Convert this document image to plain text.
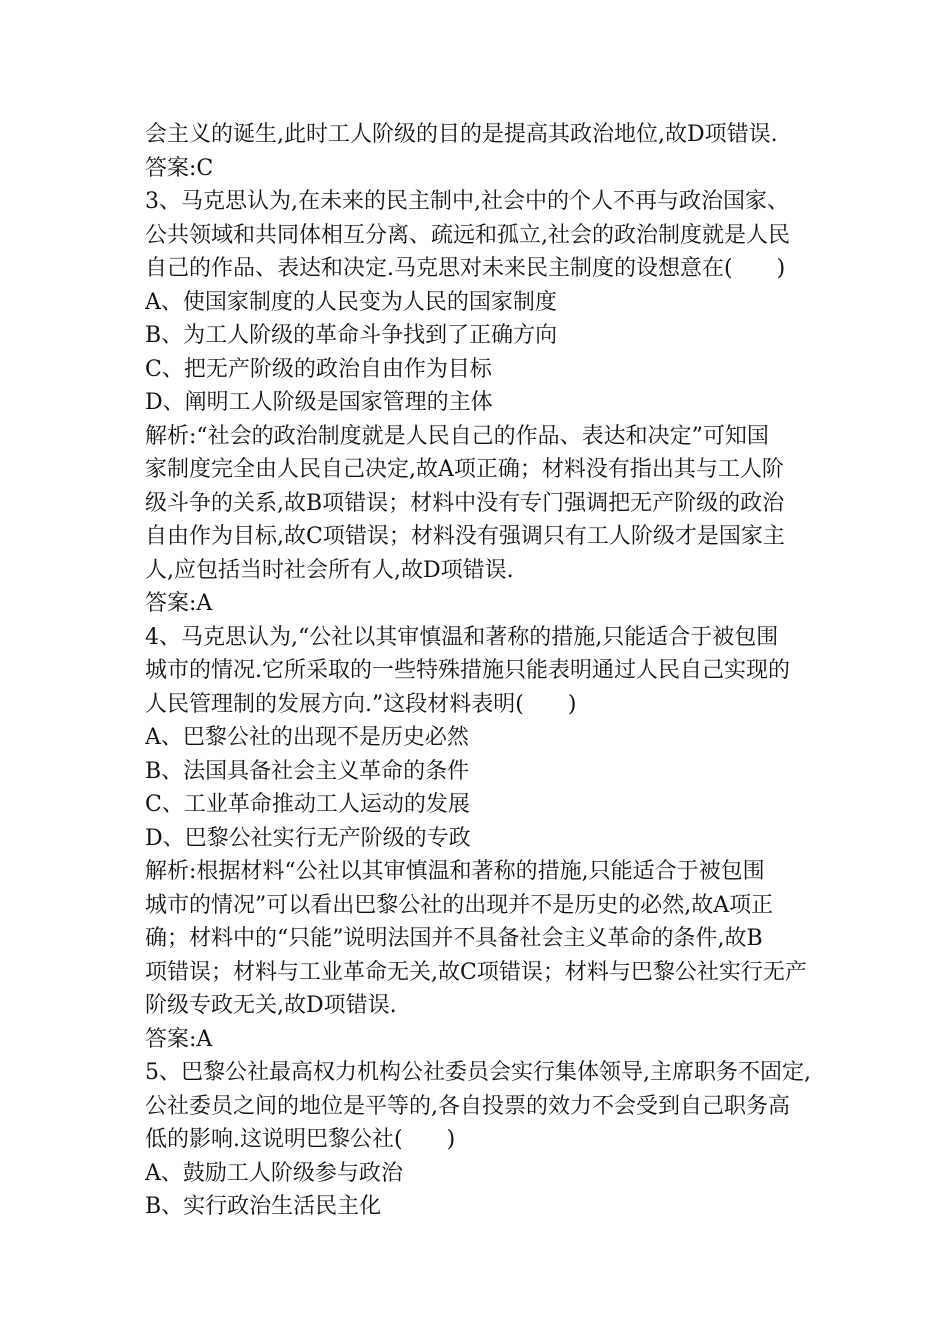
会主义的诞生,此时工人阶级的目的是提高其政治地位,故D项错误.
答案:C
3、马克思认为,在未来的民主制中,社会中的个人不再与政治国家、
公共领域和共同体相互分离、疏远和孤立,社会的政治制度就是人民
自己的作品、表达和决定.马克思对未来民主制度的设想意在(　　)
A、使国家制度的人民变为人民的国家制度
B、为工人阶级的革命斗争找到了正确方向
C、把无产阶级的政治自由作为目标
D、阐明工人阶级是国家管理的主体
解析:“社会的政治制度就是人民自己的作品、表达和决定”可知国
家制度完全由人民自己决定,故A项正确；材料没有指出其与工人阶
级斗争的关系,故B项错误；材料中没有专门强调把无产阶级的政治
自由作为目标,故C项错误；材料没有强调只有工人阶级才是国家主
人,应包括当时社会所有人,故D项错误.
答案:A
4、马克思认为,“公社以其审慎温和著称的措施,只能适合于被包围
城市的情况.它所采取的一些特殊措施只能表明通过人民自己实现的
人民管理制的发展方向.”这段材料表明(　　)
A、巴黎公社的出现不是历史必然
B、法国具备社会主义革命的条件
C、工业革命推动工人运动的发展
D、巴黎公社实行无产阶级的专政
解析:根据材料“公社以其审慎温和著称的措施,只能适合于被包围
城市的情况”可以看出巴黎公社的出现并不是历史的必然,故A项正
确；材料中的“只能”说明法国并不具备社会主义革命的条件,故B
项错误；材料与工业革命无关,故C项错误；材料与巴黎公社实行无产
阶级专政无关,故D项错误.
答案:A
5、巴黎公社最高权力机构公社委员会实行集体领导,主席职务不固定,
公社委员之间的地位是平等的,各自投票的效力不会受到自己职务高
低的影响.这说明巴黎公社(　　)
A、鼓励工人阶级参与政治
B、实行政治生活民主化
